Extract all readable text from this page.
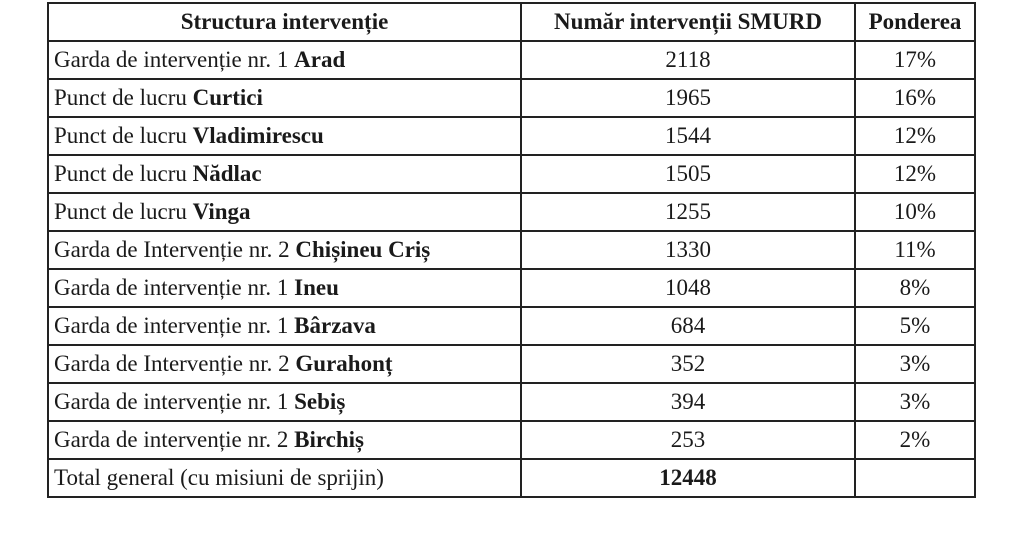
Structura intervenție	Număr intervenții SMURD	Ponderea
Garda de intervenție nr. 1 Arad	2118	17%
Punct de lucru Curtici	1965	16%
Punct de lucru Vladimirescu	1544	12%
Punct de lucru Nădlac	1505	12%
Punct de lucru Vinga	1255	10%
Garda de Intervenție nr. 2 Chișineu Criș	1330	11%
Garda de intervenție nr. 1 Ineu	1048	8%
Garda de intervenție nr. 1 Bârzava	684	5%
Garda de Intervenție nr. 2 Gurahonț	352	3%
Garda de intervenție nr. 1 Sebiș	394	3%
Garda de intervenție nr. 2 Birchiș	253	2%
Total general (cu misiuni de sprijin)	12448	
